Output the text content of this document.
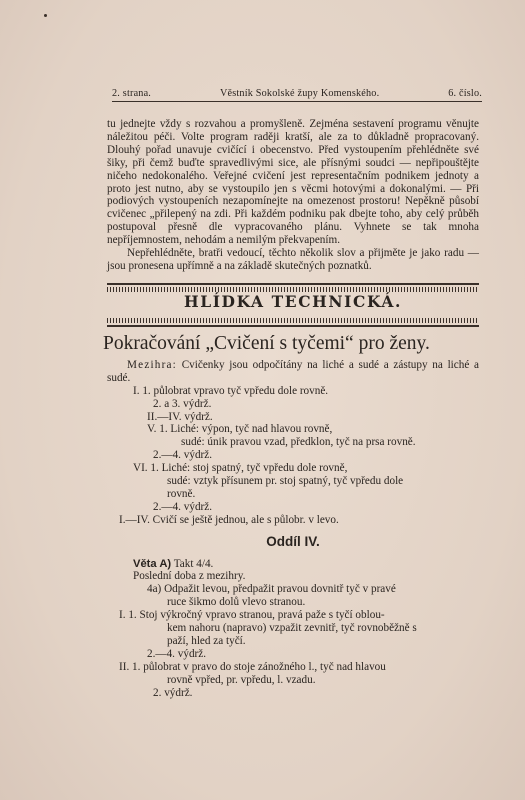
2. strana.	Věstník Sokolské župy Komenského.	6. číslo.

tu jednejte vždy s rozvahou a promyšleně. Zejména sestavení programu věnujte náležitou péči. Volte program raději kratší, ale za to důkladně propracovaný. Dlouhý pořad unavuje cvičící i obecenstvo. Před vystoupením přehlédněte své šiky, při čemž buďte spravedlivými sice, ale přísnými soudci — nepřipouštějte ničeho nedokonalého. Veřejné cvičení jest representačním podnikem jednoty a proto jest nutno, aby se vystoupilo jen s věcmi hotovými a dokonalými. — Při podiových vystoupeních nezapomínejte na omezenost prostoru! Nepěkně působí cvičenec „přilepený na zdi. Při každém podniku pak dbejte toho, aby celý průběh postupoval přesně dle vypracovaného plánu. Vyhnete se tak mnoha nepříjemnostem, nehodám a nemilým překvapením.

Nepřehlédněte, bratři vedoucí, těchto několik slov a přijměte je jako radu — jsou pronesena upřímně a na základě skutečných poznatků.

HLÍDKA TECHNICKÁ.
Pokračování „Cvičení s tyčemi“ pro ženy.

Mezihra: Cvičenky jsou odpočítány na liché a sudé a zástupy na liché a sudé.

I. 1. půlobrat vpravo tyč vpředu dole rovně.

2. a 3. výdrž.

II.—IV. výdrž.

V. 1. Liché: výpon, tyč nad hlavou rovně,

sudé: únik pravou vzad, předklon, tyč na prsa rovně.

2.—4. výdrž.

VI. 1. Liché: stoj spatný, tyč vpředu dole rovně,

sudé: vztyk přísunem pr. stoj spatný, tyč vpředu dole

rovně.

2.—4. výdrž.

I.—IV. Cvičí se ještě jednou, ale s půlobr. v levo.

Oddíl IV.

Věta A) Takt 4/4.

Poslední doba z mezihry.

4a) Odpažit levou, předpažit pravou dovnitř tyč v pravé

ruce šikmo dolů vlevo stranou.

I. 1. Stoj výkročný vpravo stranou, pravá paže s tyčí oblou-

kem nahoru (napravo) vzpažit zevnitř, tyč rovnoběžně s

paží, hled za tyčí.

2.—4. výdrž.

II. 1. půlobrat v pravo do stoje zánožného l., tyč nad hlavou

rovně vpřed, pr. vpředu, l. vzadu.

2. výdrž.
